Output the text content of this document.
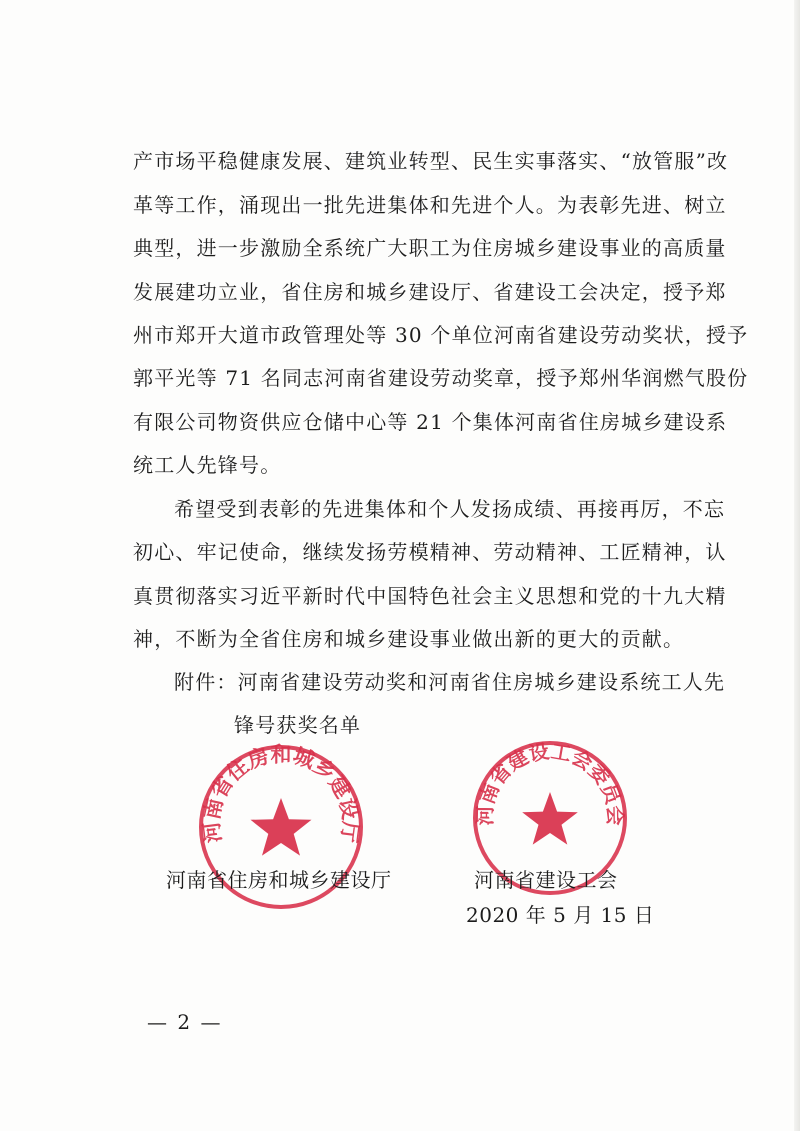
产市场平稳健康发展、建筑业转型、民生实事落实、“放管服”改
革等工作，涌现出一批先进集体和先进个人。为表彰先进、树立
典型，进一步激励全系统广大职工为住房城乡建设事业的高质量
发展建功立业，省住房和城乡建设厅、省建设工会决定，授予郑
州市郑开大道市政管理处等 30 个单位河南省建设劳动奖状，授予
郭平光等 71 名同志河南省建设劳动奖章，授予郑州华润燃气股份
有限公司物资供应仓储中心等 21 个集体河南省住房城乡建设系
统工人先锋号。
希望受到表彰的先进集体和个人发扬成绩、再接再厉，不忘
初心、牢记使命，继续发扬劳模精神、劳动精神、工匠精神，认
真贯彻落实习近平新时代中国特色社会主义思想和党的十九大精
神，不断为全省住房和城乡建设事业做出新的更大的贡献。
附件：河南省建设劳动奖和河南省住房城乡建设系统工人先
锋号获奖名单
河南省住房和城乡建设厅
河南省建设工会委员会
河南省住房和城乡建设厅	河南省建设工会
2020 年 5 月 15 日
— 2 —
